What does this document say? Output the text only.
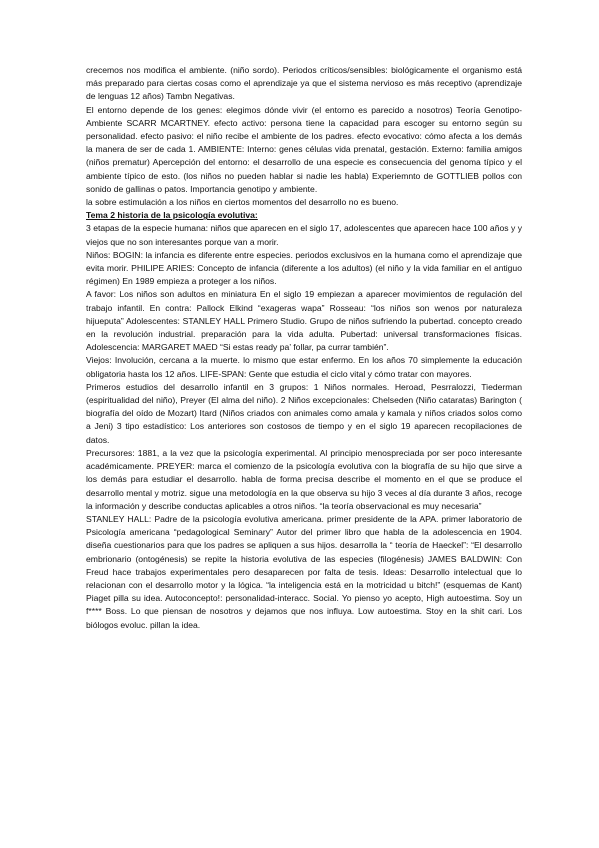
crecemos nos modifica el ambiente. (niño sordo). Periodos críticos/sensibles: biológicamente el organismo está más preparado para ciertas cosas como el aprendizaje ya que el sistema nervioso es más receptivo (aprendizaje de lenguas 12 años) Tambn Negativas.

El entorno depende de los genes: elegimos dónde vivir (el entorno es parecido a nosotros) Teoría Genotipo-Ambiente SCARR MCARTNEY. efecto activo: persona tiene la capacidad para escoger su entorno según su personalidad. efecto pasivo: el niño recibe el ambiente de los padres. efecto evocativo: cómo afecta a los demás la manera de ser de cada 1. AMBIENTE: Interno: genes células vida prenatal, gestación. Externo: familia amigos (niños prematur) Apercepción del entorno: el desarrollo de una especie es consecuencia del genoma típico y el ambiente típico de esto. (los niños no pueden hablar si nadie les habla) Experiemnto de GOTTLIEB pollos con sonido de gallinas o patos. Importancia genotipo y ambiente.

la sobre estimulación a los niños en ciertos momentos del desarrollo no es bueno.

Tema 2 historia de la psicología evolutiva:

3 etapas de la especie humana: niños que aparecen en el siglo 17, adolescentes que aparecen hace 100 años y y viejos que no son interesantes porque van a morir.

Niños: BOGIN: la infancia es diferente entre especies. periodos exclusivos en la humana como el aprendizaje que evita morir. PHILIPE ARIES: Concepto de infancia (diferente a los adultos) (el niño y la vida familiar en el antiguo régimen) En 1989 empieza a proteger a los niños.

A favor: Los niños son adultos en miniatura En el siglo 19 empiezan a aparecer movimientos de regulación del trabajo infantil. En contra: Pallock Elkind “exageras wapa” Rosseau: “los niños son wenos por naturaleza hijueputa” Adolescentes: STANLEY HALL Primero Studio. Grupo de niños sufriendo la pubertad. concepto creado en la revolución industrial. preparación para la vida adulta. Pubertad: universal transformaciones físicas. Adolescencia: MARGARET MAED “Si estas ready pa’ follar, pa currar también”.

Viejos: Involución, cercana a la muerte. lo mismo que estar enfermo. En los años 70 simplemente la educación obligatoria hasta los 12 años. LIFE-SPAN: Gente que estudia el ciclo vital y cómo tratar con mayores.

Primeros estudios del desarrollo infantil en 3 grupos: 1 Niños normales. Heroad, Pesrralozzi, Tiederman (espiritualidad del niño), Preyer (El alma del niño). 2 Niños excepcionales: Chelseden (Niño cataratas) Barington ( biografía del oído de Mozart) Itard (Niños criados con animales como amala y kamala y niños criados solos como a Jeni) 3 tipo estadístico: Los anteriores son costosos de tiempo y en el siglo 19 aparecen recopilaciones de datos.

Precursores: 1881, a la vez que la psicología experimental. Al principio menospreciada por ser poco interesante académicamente. PREYER: marca el comienzo de la psicología evolutiva con la biografía de su hijo que sirve a los demás para estudiar el desarrollo. habla de forma precisa describe el momento en el que se produce el desarrollo mental y motriz. sigue una metodología en la que observa su hijo 3 veces al día durante 3 años, recoge la información y describe conductas aplicables a otros niños. “la teoría observacional es muy necesaria”

STANLEY HALL: Padre de la psicología evolutiva americana. primer presidente de la APA. primer laboratorio de Psicología americana “pedagological Seminary” Autor del primer libro que habla de la adolescencia en 1904. diseña cuestionarios para que los padres se apliquen a sus hijos. desarrolla la “ teoría de Haeckel”: “El desarrollo embrionario (ontogénesis) se repite la historia evolutiva de las especies (filogénesis) JAMES BALDWIN: Con Freud hace trabajos experimentales pero desaparecen por falta de tesis. Ideas: Desarrollo intelectual que lo relacionan con el desarrollo motor y la lógica. “la inteligencia está en la motricidad u bitch!” (esquemas de Kant) Piaget pilla su idea. Autoconcepto!: personalidad-interacc. Social. Yo pienso yo acepto, High autoestima. Soy un f**** Boss. Lo que piensan de nosotros y dejamos que nos influya. Low autoestima. Stoy en la shit cari. Los biólogos evoluc. pillan la idea.
